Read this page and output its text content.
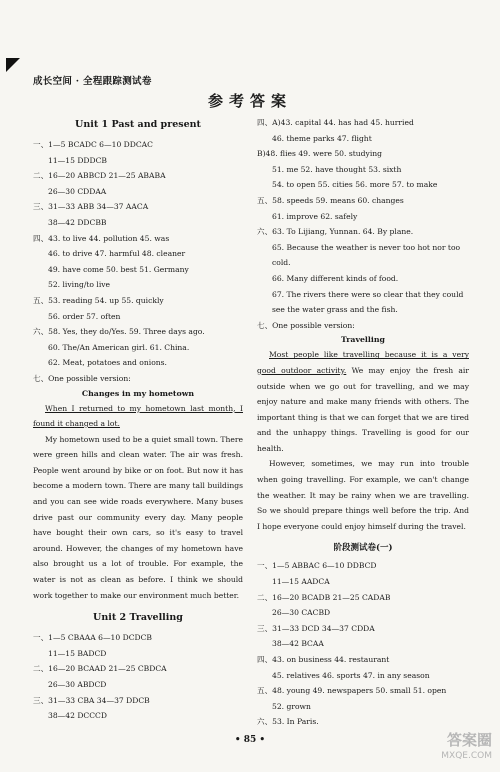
成长空间 · 全程跟踪测试卷
参考答案
Unit 1 Past and present
一、1—5 BCADC 6—10 DDCAC
11—15 DDDCB
二、16—20 ABBCD 21—25 ABABA
26—30 CDDAA
三、31—33 ABB 34—37 AACA
38—42 DDCBB
四、43. to live 44. pollution 45. was
46. to drive 47. harmful 48. cleaner
49. have come 50. best 51. Germany
52. living/to live
五、53. reading 54. up 55. quickly
56. order 57. often
六、58. Yes, they do/Yes. 59. Three days ago.
60. The/An American girl. 61. China.
62. Meat, potatoes and onions.
七、One possible version:
Changes in my hometown
When I returned to my hometown last month, I found it changed a lot.
My hometown used to be a quiet small town. There were green hills and clean water. The air was fresh. People went around by bike or on foot. But now it has become a modern town. There are many tall buildings and you can see wide roads everywhere. Many buses drive past our community every day. Many people have bought their own cars, so it's easy to travel around. However, the changes of my hometown have also brought us a lot of trouble. For example, the water is not as clean as before. I think we should work together to make our environment much better.
Unit 2 Travelling
一、1—5 CBAAA 6—10 DCDCB
11—15 BADCD
二、16—20 BCAAD 21—25 CBDCA
26—30 ABDCD
三、31—33 CBA 34—37 DDCB
38—42 DCCCD
四、A)43. capital 44. has had 45. hurried
46. theme parks 47. flight
B)48. flies 49. were 50. studying
51. me 52. have thought 53. sixth
54. to open 55. cities 56. more 57. to make
五、58. speeds 59. means 60. changes
61. improve 62. safely
六、63. To Lijiang, Yunnan. 64. By plane.
65. Because the weather is never too hot nor too cold.
66. Many different kinds of food.
67. The rivers there were so clear that they could see the water grass and the fish.
七、One possible version:
Travelling
Most people like travelling because it is a very good outdoor activity. We may enjoy the fresh air outside when we go out for travelling, and we may enjoy nature and make many friends with others. The important thing is that we can forget that we are tired and the unhappy things. Travelling is good for our health.
However, sometimes, we may run into trouble when going travelling. For example, we can't change the weather. It may be rainy when we are travelling. So we should prepare things well before the trip. And I hope everyone could enjoy himself during the travel.
阶段测试卷(一)
一、1—5 ABBAC 6—10 DDBCD
11—15 AADCA
二、16—20 BCADB 21—25 CADAB
26—30 CACBD
三、31—33 DCD 34—37 CDDA
38—42 BCAA
四、43. on business 44. restaurant
45. relatives 46. sports 47. in any season
五、48. young 49. newspapers 50. small 51. open
52. grown
六、53. In Paris.
• 85 •	答案圈
MXQE.COM
